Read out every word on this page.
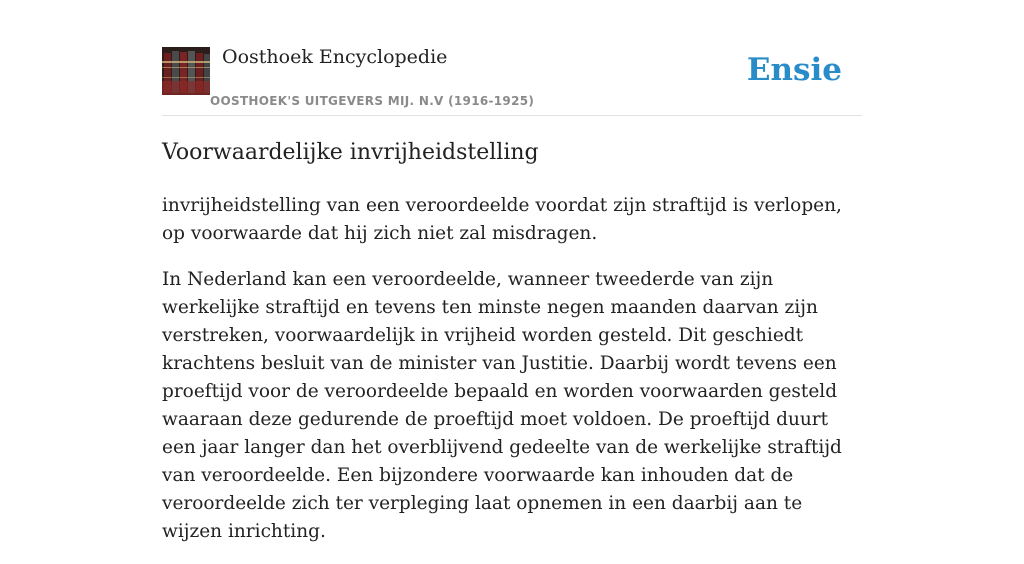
Oosthoek Encyclopedie
OOSTHOEK'S UITGEVERS MIJ. N.V (1916-1925)
Ensie
Voorwaardelijke invrijheidstelling

invrijheidstelling van een veroordeelde voordat zijn straftijd is verlopen, op voorwaarde dat hij zich niet zal misdragen.

In Nederland kan een veroordeelde, wanneer tweederde van zijn werkelijke straftijd en tevens ten minste negen maanden daarvan zijn verstreken, voorwaardelijk in vrijheid worden gesteld. Dit geschiedt krachtens besluit van de minister van Justitie. Daarbij wordt tevens een proeftijd voor de veroordeelde bepaald en worden voorwaarden gesteld waaraan deze gedurende de proeftijd moet voldoen. De proeftijd duurt een jaar langer dan het overblijvend gedeelte van de werkelijke straftijd van veroordeelde. Een bijzondere voorwaarde kan inhouden dat de veroordeelde zich ter verpleging laat opnemen in een daarbij aan te wijzen inrichting.
